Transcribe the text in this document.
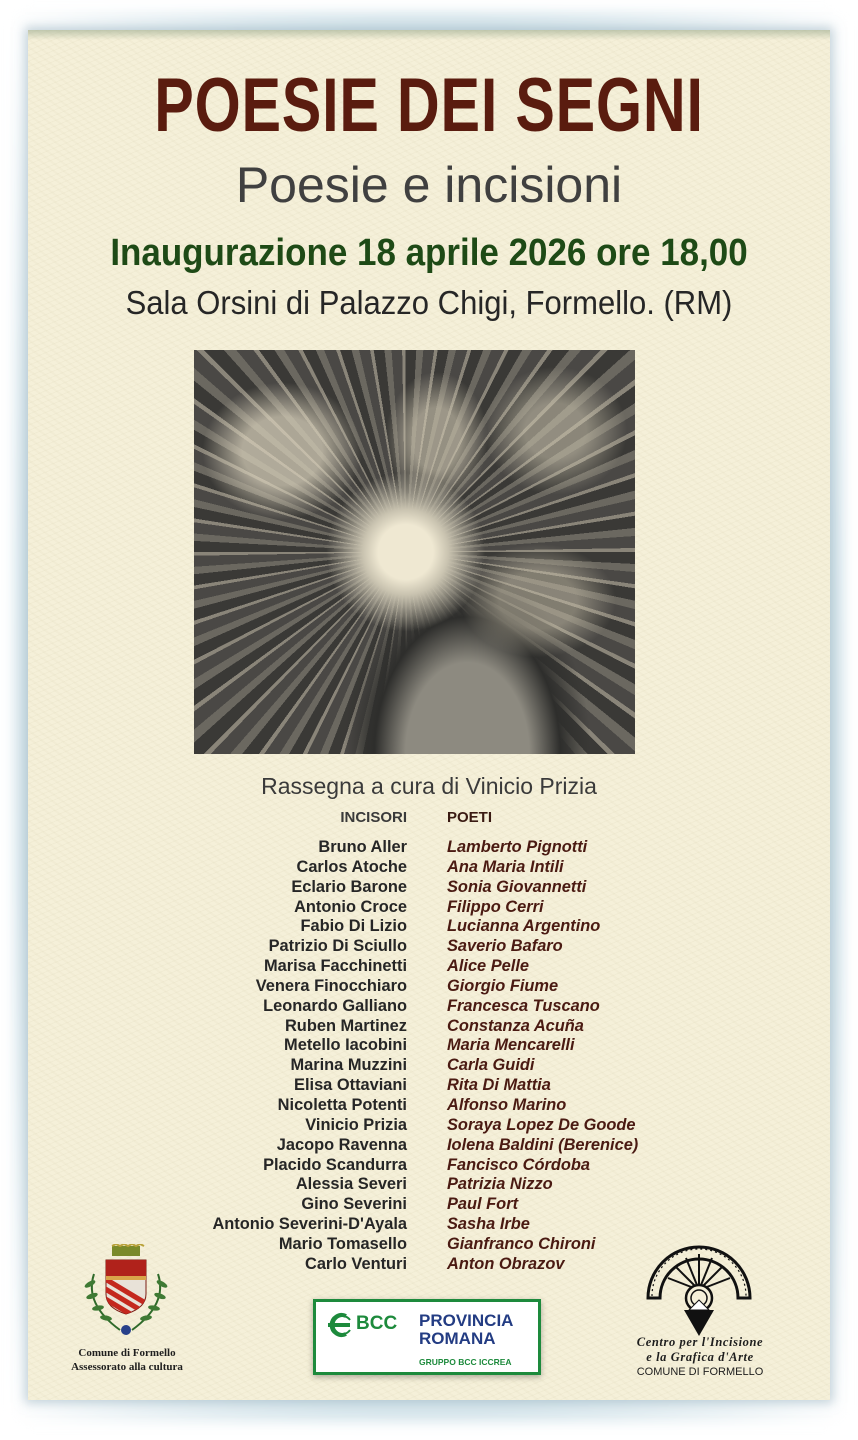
POESIE DEI SEGNI
Poesie e incisioni
Inaugurazione 18 aprile 2026 ore 18,00
Sala Orsini di Palazzo Chigi, Formello. (RM)
Rassegna a cura di Vinicio Prizia
INCISORI
Bruno Aller
Carlos Atoche
Eclario Barone
Antonio Croce
Fabio Di Lizio
Patrizio Di Sciullo
Marisa Facchinetti
Venera Finocchiaro
Leonardo Galliano
Ruben Martinez
Metello Iacobini
Marina Muzzini
Elisa Ottaviani
Nicoletta Potenti
Vinicio Prizia
Jacopo Ravenna
Placido Scandurra
Alessia Severi
Gino Severini
Antonio Severini-D'Ayala
Mario Tomasello
Carlo Venturi
POETI
Lamberto Pignotti
Ana Maria Intili
Sonia Giovannetti
Filippo Cerri
Lucianna Argentino
Saverio Bafaro
Alice Pelle
Giorgio Fiume
Francesca Tuscano
Constanza Acuña
Maria Mencarelli
Carla Guidi
Rita Di Mattia
Alfonso Marino
Soraya Lopez De Goode
Iolena Baldini (Berenice)
Fancisco Córdoba
Patrizia Nizzo
Paul Fort
Sasha Irbe
Gianfranco Chironi
Anton Obrazov
Comune di Formello
Assessorato alla cultura
BCC PROVINCIA
ROMANA
GRUPPO BCC ICCREA
Centro per l'Incisione
e la Grafica d'Arte
COMUNE DI FORMELLO
